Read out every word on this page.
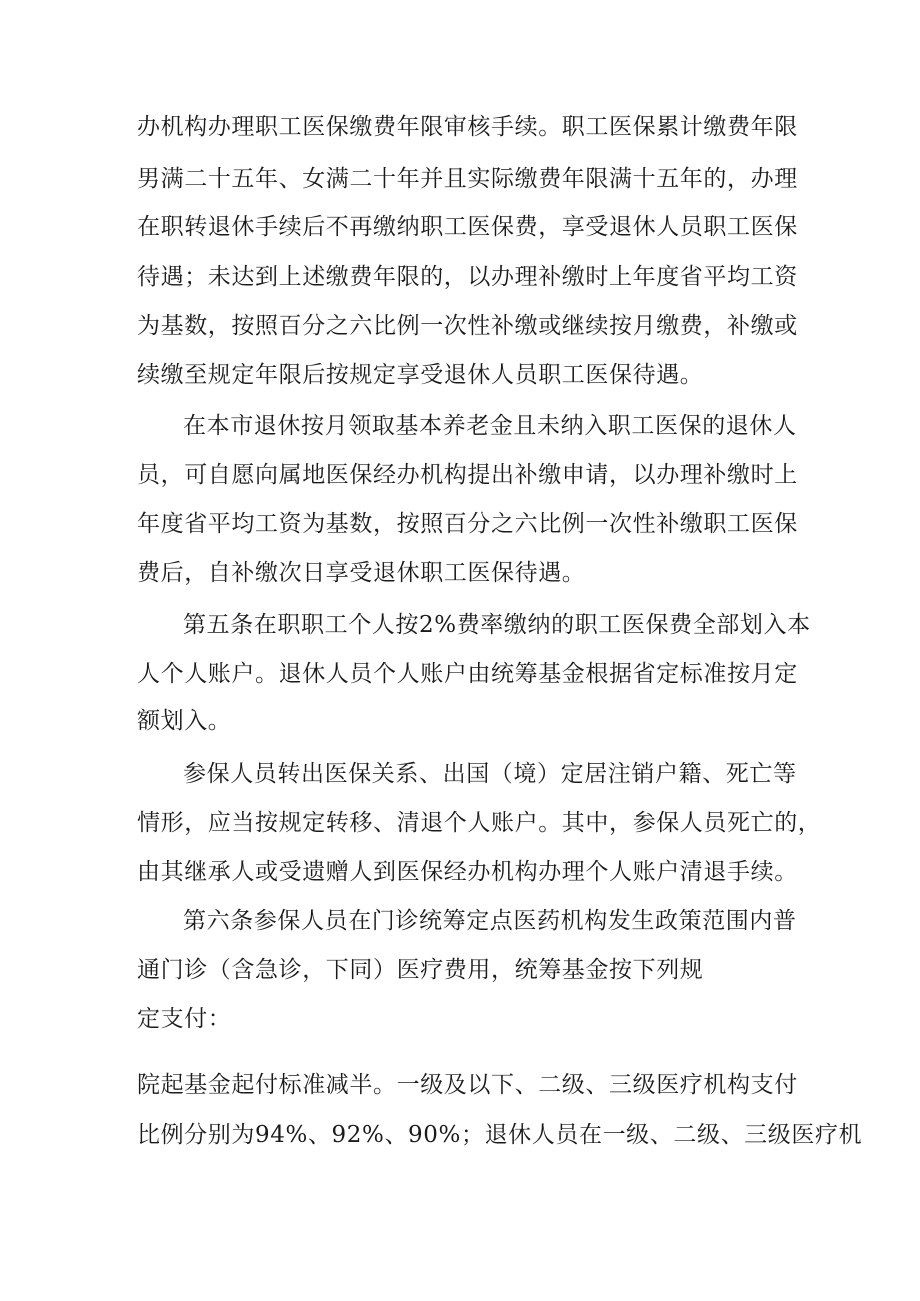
办机构办理职工医保缴费年限审核手续。职工医保累计缴费年限
男满二十五年、女满二十年并且实际缴费年限满十五年的，办理
在职转退休手续后不再缴纳职工医保费，享受退休人员职工医保
待遇；未达到上述缴费年限的，以办理补缴时上年度省平均工资
为基数，按照百分之六比例一次性补缴或继续按月缴费，补缴或
续缴至规定年限后按规定享受退休人员职工医保待遇。
在本市退休按月领取基本养老金且未纳入职工医保的退休人
员，可自愿向属地医保经办机构提出补缴申请，以办理补缴时上
年度省平均工资为基数，按照百分之六比例一次性补缴职工医保
费后，自补缴次日享受退休职工医保待遇。
第五条在职职工个人按2%费率缴纳的职工医保费全部划入本
人个人账户。退休人员个人账户由统筹基金根据省定标准按月定
额划入。
参保人员转出医保关系、出国（境）定居注销户籍、死亡等
情形，应当按规定转移、清退个人账户。其中，参保人员死亡的，
由其继承人或受遗赠人到医保经办机构办理个人账户清退手续。
第六条参保人员在门诊统筹定点医药机构发生政策范围内普
通门诊（含急诊，下同）医疗费用，统筹基金按下列规
定支付：
院起基金起付标准减半。一级及以下、二级、三级医疗机构支付
比例分别为94%、92%、90%；退休人员在一级、二级、三级医疗机
